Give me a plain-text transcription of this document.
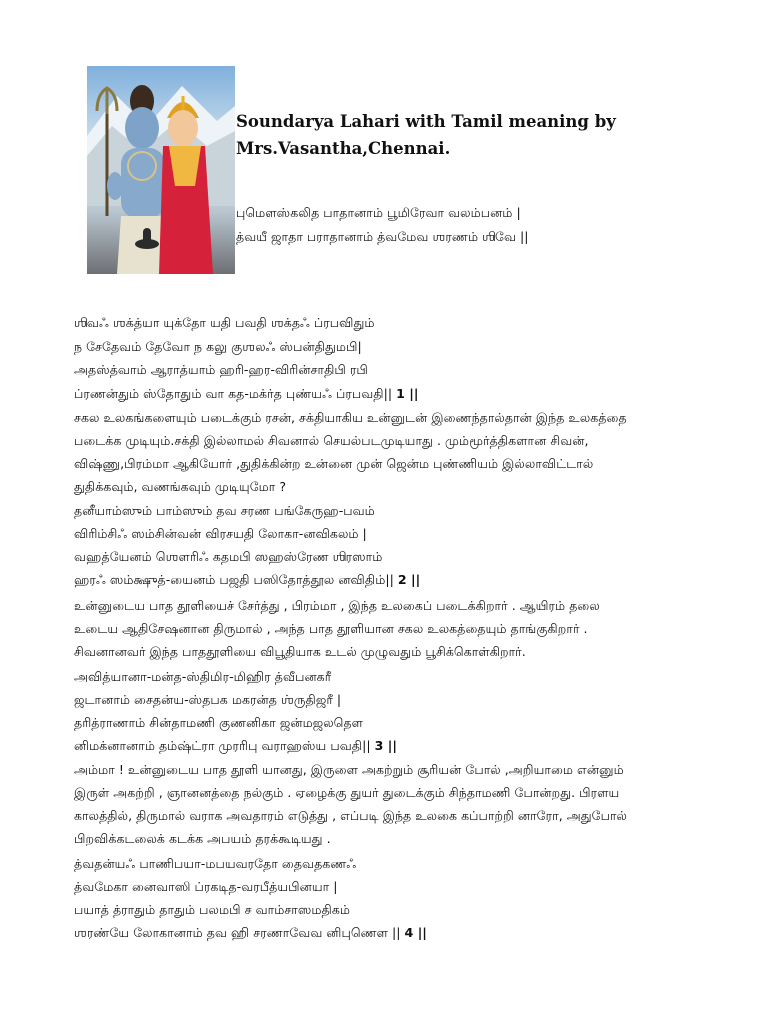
Soundarya Lahari with Tamil meaning by
Mrs.Vasantha,Chennai.
புமௌஸ்கலித பாதானாம் பூமிரேவா வலம்பனம் |
த்வயீ ஜாதா பராதானாம் த்வமேவ ஶரணம் ஶிவே ||
ஶிவஃ ஶக்த்யா யுக்தோ யதி பவதி ஶக்தஃ ப்ரபவிதும்
ந சேதேவம் தேவோ ந கலு குஶலஃ ஸ்பன்திதுமபி|
அதஸ்த்வாம் ஆராத்யாம் ஹரி-ஹர-விரின்சாதிபி ரபி
ப்ரணன்தும் ஸ்தோதும் வா கத-மக்ர்த புண்யஃ ப்ரபவதி|| 1 ||
சகல உலகங்களையும் படைக்கும் ரசன், சக்தியாகிய உன்னுடன் இணைந்தால்தான் இந்த உலகத்தை
படைக்க முடியும்.சக்தி இல்லாமல் சிவனால் செயல்படமுடியாது . மும்மூர்த்திகளான சிவன்,
விஷ்ணு,பிரம்மா ஆகியோர் ,துதிக்கின்ற உன்னை முன் ஜென்ம புண்ணியம் இல்லாவிட்டால்
துதிக்கவும், வணங்கவும் முடியுமோ ?
தனீயாம்ஸும் பாம்ஸும் தவ சரண பங்கேருஹ-பவம்
விரிம்சிஃ ஸம்சின்வன் விரசயதி லோகா-னவிகலம் |
வஹத்யேனம் ஶௌரிஃ கதமபி ஸஹஸ்ரேண ஶிரஸாம்
ஹரஃ ஸம்க்ஷுத்-யைனம் பஜதி பஸிதோத்தூல னவிதிம்|| 2 ||
உன்னுடைய பாத தூளியைச் சேர்த்து , பிரம்மா , இந்த உலகைப் படைக்கிறார் . ஆயிரம் தலை
உடைய ஆதிசேஷனான திருமால் , அந்த பாத தூளியான சகல உலகத்தையும் தாங்குகிறார் .
சிவனானவர் இந்த பாததூளியை விபூதியாக உடல் முழுவதும் பூசிக்கொள்கிறார்.
அவித்யானா-மன்த-ஸ்திமிர-மிஹிர த்வீபனகரீ
ஜடானாம் சைதன்ய-ஸ்தபக மகரன்த ஶ்ருதிஜரீ |
தரித்ராணாம் சின்தாமணி குணனிகா ஜன்மஜலதௌ
னிமக்னானாம் தம்ஷ்ட்ரா முரரிபு வராஹஸ்ய பவதி|| 3 ||
அம்மா ! உன்னுடைய பாத தூளி யானது, இருளை அகற்றும் சூரியன் போல் ,அறியாமை என்னும்
இருள் அகற்றி , ஞானனத்தை நல்கும் . ஏழைக்கு துயர் துடைக்கும் சிந்தாமணி போன்றது. பிரளய
காலத்தில், திருமால் வராக அவதாரம் எடுத்து , எப்படி இந்த உலகை கப்பாற்றி னாரோ, அதுபோல்
பிறவிக்கடலைக் கடக்க அபயம் தரக்கூடியது .
த்வதன்யஃ பாணிபயா-மபயவரதோ தைவதகணஃ
த்வமேகா னைவாஸி ப்ரகடித-வரபீத்யபினயா |
பயாத் த்ராதும் தாதும் பலமபி ச வாம்சாஸமதிகம்
ஶரண்யே லோகானாம் தவ ஹி சரணாவேவ னிபுணௌ || 4 ||
